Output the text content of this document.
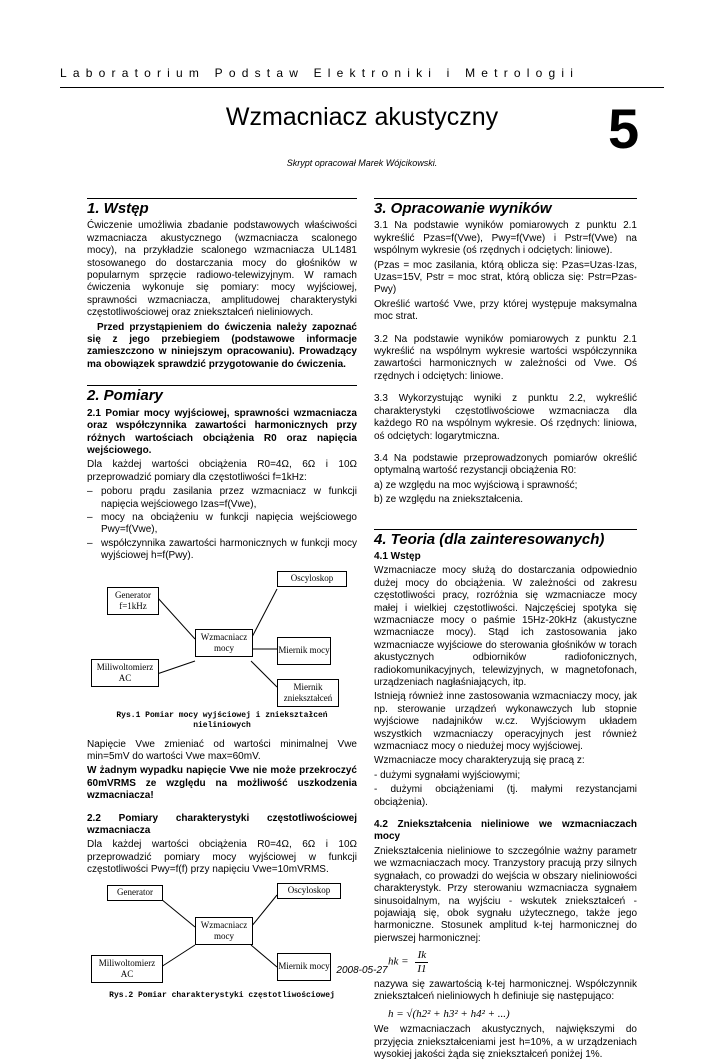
Laboratorium Podstaw Elektroniki i Metrologii
Wzmacniacz akustyczny	5
Skrypt opracował Marek Wójcikowski.
1. Wstęp

Ćwiczenie umożliwia zbadanie podstawowych właściwości wzmacniacza akustycznego (wzmacniacza scalonego mocy), na przykładzie scalonego wzmacniacza UL1481 stosowanego do dostarczania mocy do głośników w popularnym sprzęcie radiowo-telewizyjnym. W ramach ćwiczenia wykonuje się pomiary: mocy wyjściowej, sprawności wzmacniacza, amplitudowej charakterystyki częstotliwościowej oraz zniekształceń nieliniowych.

Przed przystąpieniem do ćwiczenia należy zapoznać się z jego przebiegiem (podstawowe informacje zamieszczono w niniejszym opracowaniu). Prowadzący ma obowiązek sprawdzić przygotowanie do ćwiczenia.

2. Pomiary

2.1 Pomiar mocy wyjściowej, sprawności wzmacniacza oraz współczynnika zawartości harmonicznych przy różnych wartościach obciążenia R0 oraz napięcia wejściowego.

Dla każdej wartości obciążenia R0=4Ω, 6Ω i 10Ω przeprowadzić pomiary dla częstotliwości f=1kHz:

– poboru prądu zasilania przez wzmacniacz w funkcji napięcia wejściowego Izas=f(Vwe),
– mocy na obciążeniu w funkcji napięcia wejściowego Pwy=f(Vwe),
– współczynnika zawartości harmonicznych w funkcji mocy wyjściowej h=f(Pwy).
Generator f=1kHz
Oscyloskop
Wzmacniacz mocy	Miernik mocy
Miliwoltomierz AC
Miernik zniekształceń
Rys.1 Pomiar mocy wyjściowej i zniekształceń nieliniowych

Napięcie Vwe zmieniać od wartości minimalnej Vwe min=5mV do wartości Vwe max=60mV.

W żadnym wypadku napięcie Vwe nie może przekroczyć 60mVRMS ze względu na możliwość uszkodzenia wzmacniacza!

2.2 Pomiary charakterystyki częstotliwościowej wzmacniacza

Dla każdej wartości obciążenia R0=4Ω, 6Ω i 10Ω przeprowadzić pomiary mocy wyjściowej w funkcji częstotliwości Pwy=f(f) przy napięciu Vwe=10mVRMS.

Generator	Oscyloskop
Wzmacniacz mocy
Miliwoltomierz AC
Miernik mocy
Rys.2 Pomiar charakterystyki częstotliwościowej
3. Opracowanie wyników

3.1 Na podstawie wyników pomiarowych z punktu 2.1 wykreślić Pzas=f(Vwe), Pwy=f(Vwe) i Pstr=f(Vwe) na wspólnym wykresie (oś rzędnych i odciętych: liniowe).

(Pzas = moc zasilania, którą oblicza się: Pzas=Uzas·Izas, Uzas=15V, Pstr = moc strat, którą oblicza się: Pstr=Pzas-Pwy)

Określić wartość Vwe, przy której występuje maksymalna moc strat.

3.2 Na podstawie wyników pomiarowych z punktu 2.1 wykreślić na wspólnym wykresie wartości współczynnika zawartości harmonicznych w zależności od Vwe. Oś rzędnych i odciętych: liniowe.

3.3 Wykorzystując wyniki z punktu 2.2, wykreślić charakterystyki częstotliwościowe wzmacniacza dla każdego R0 na wspólnym wykresie. Oś rzędnych: liniowa, oś odciętych: logarytmiczna.

3.4 Na podstawie przeprowadzonych pomiarów określić optymalną wartość rezystancji obciążenia R0:

a) ze względu na moc wyjściową i sprawność;

b) ze względu na zniekształcenia.

4. Teoria (dla zainteresowanych)

4.1 Wstęp

Wzmacniacze mocy służą do dostarczania odpowiednio dużej mocy do obciążenia. W zależności od zakresu częstotliwości pracy, rozróżnia się wzmacniacze mocy małej i wielkiej częstotliwości. Najczęściej spotyka się wzmacniacze mocy o paśmie 15Hz-20kHz (akustyczne wzmacniacze mocy). Stąd ich zastosowania jako wzmacniacze wyjściowe do sterowania głośników w torach akustycznych odbiorników radiofonicznych, radiokomunikacyjnych, telewizyjnych, w magnetofonach, urządzeniach nagłaśniających, itp.

Istnieją również inne zastosowania wzmacniaczy mocy, jak np. sterowanie urządzeń wykonawczych lub stopnie wyjściowe nadajników w.cz. Wyjściowym układem wszystkich wzmacniaczy operacyjnych jest również wzmacniacz mocy o niedużej mocy wyjściowej.

Wzmacniacze mocy charakteryzują się pracą z:

- dużymi sygnałami wyjściowymi;

- dużymi obciążeniami (tj. małymi rezystancjami obciążenia).

4.2 Zniekształcenia nieliniowe we wzmacniaczach mocy

Zniekształcenia nieliniowe to szczególnie ważny parametr we wzmacniaczach mocy. Tranzystory pracują przy silnych sygnałach, co prowadzi do wejścia w obszary nieliniowości charakterystyk. Przy sterowaniu wzmacniacza sygnałem sinusoidalnym, na wyjściu - wskutek zniekształceń - pojawiają się, obok sygnału użytecznego, także jego harmoniczne. Stosunek amplitud k-tej harmonicznej do pierwszej harmonicznej:

hk = $\frac{Ik}{I1}$

nazywa się zawartością k-tej harmonicznej. Współczynnik zniekształceń nieliniowych h definiuje się następująco:

h = √(h2² + h3² + h4² + ...)

We wzmacniaczach akustycznych, największymi do przyjęcia zniekształceniami jest h=10%, a w urządzeniach wysokiej jakości żąda się zniekształceń poniżej 1%.

2008-05-27
